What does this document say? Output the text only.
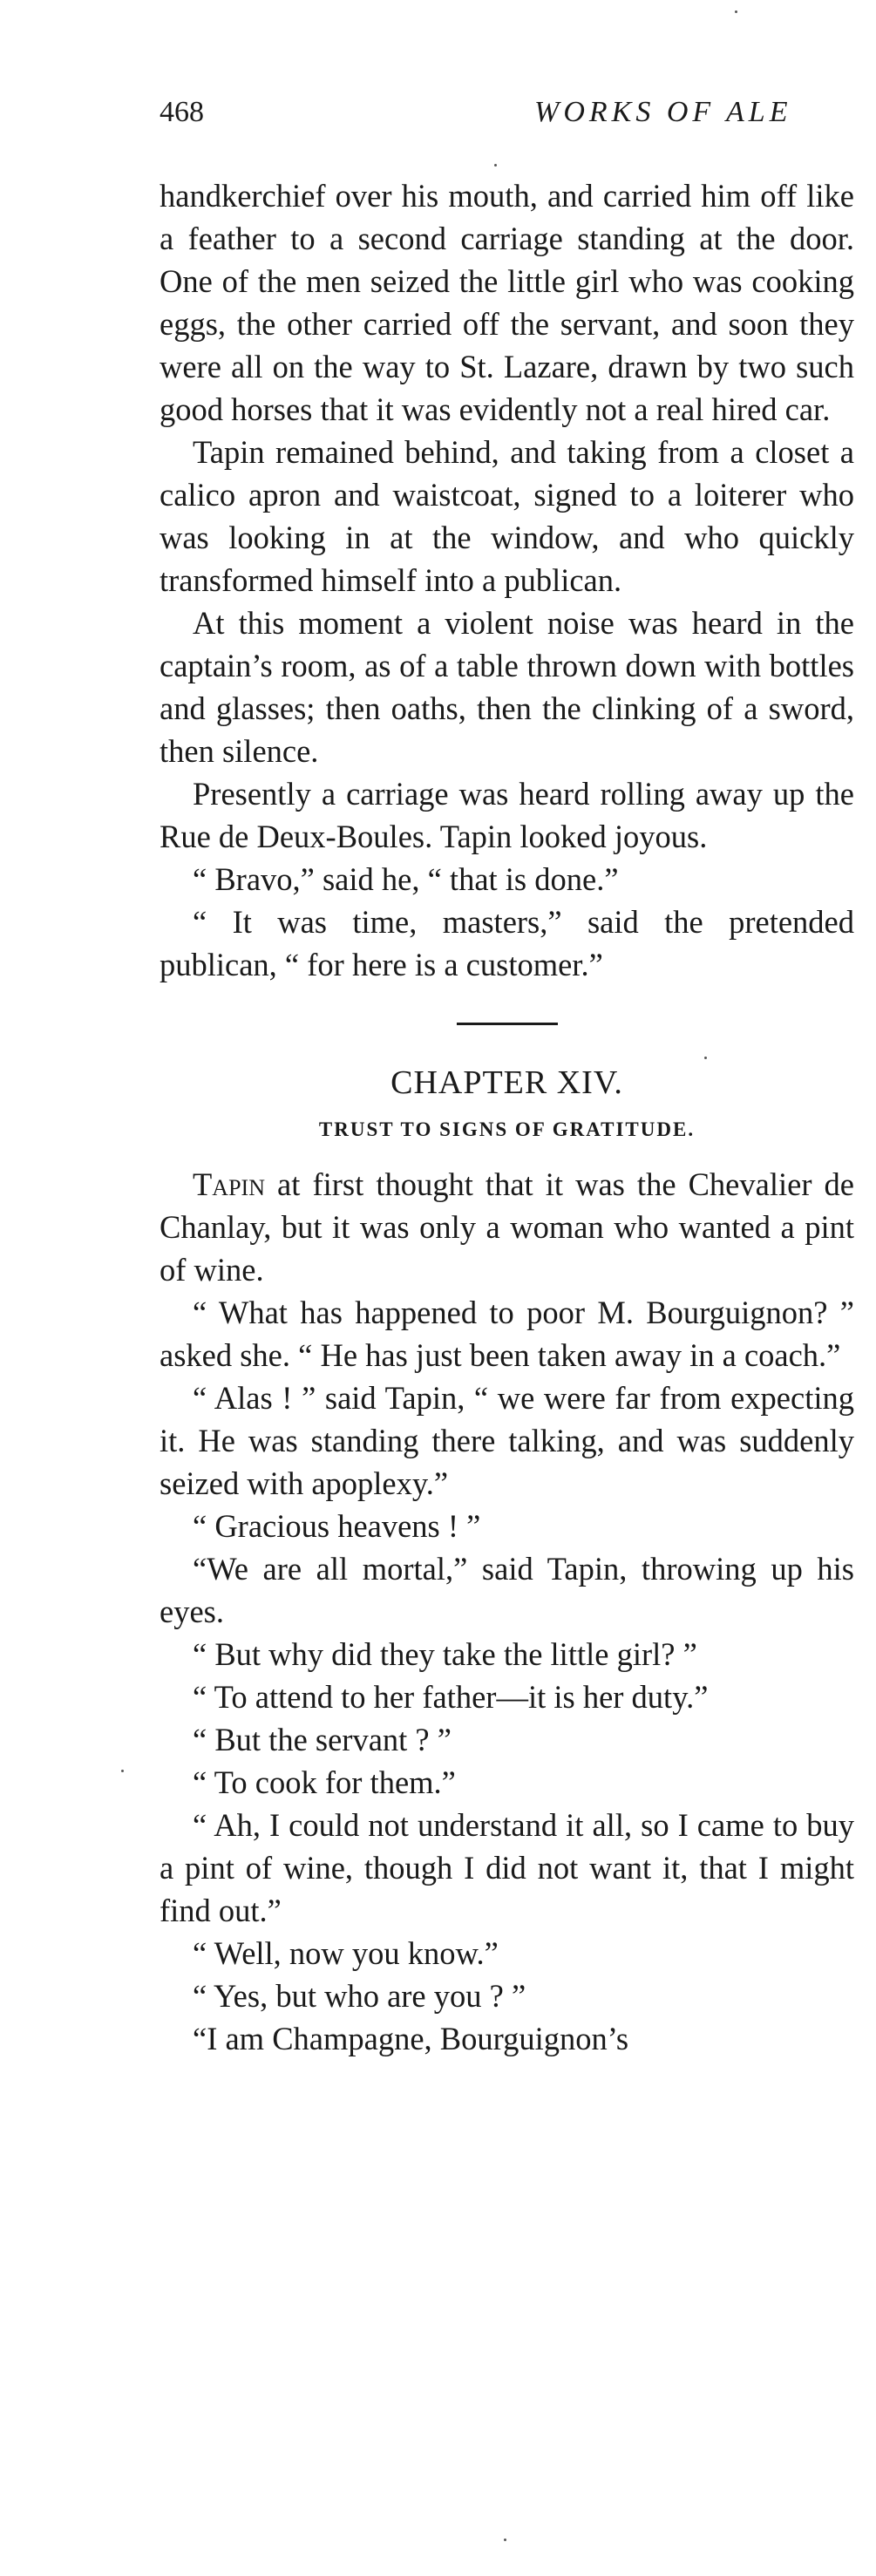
468	WORKS OF ALE

handkerchief over his mouth, and carried him off like a feather to a second carriage standing at the door. One of the men seized the little girl who was cooking eggs, the other carried off the servant, and soon they were all on the way to St. Lazare, drawn by two such good horses that it was evidently not a real hired car.

Tapin remained behind, and taking from a closet a calico apron and waistcoat, signed to a loiterer who was looking in at the window, and who quickly transformed himself into a publican.

At this moment a violent noise was heard in the captain’s room, as of a table thrown down with bottles and glasses; then oaths, then the clinking of a sword, then silence.

Presently a carriage was heard rolling away up the Rue de Deux-Boules. Tapin looked joyous.

“ Bravo,” said he, “ that is done.”

“ It was time, masters,” said the pretended publican, “ for here is a customer.”

CHAPTER XIV.
TRUST TO SIGNS OF GRATITUDE.

Tapin at first thought that it was the Chevalier de Chanlay, but it was only a woman who wanted a pint of wine.

“ What has happened to poor M. Bourguignon? ” asked she. “ He has just been taken away in a coach.”

“ Alas ! ” said Tapin, “ we were far from expecting it. He was standing there talking, and was suddenly seized with apoplexy.”

“ Gracious heavens ! ”

“We are all mortal,” said Tapin, throwing up his eyes.

“ But why did they take the little girl? ”

“ To attend to her father—it is her duty.”

“ But the servant ? ”

“ To cook for them.”

“ Ah, I could not understand it all, so I came to buy a pint of wine, though I did not want it, that I might find out.”

“ Well, now you know.”

“ Yes, but who are you ? ”

“I am Champagne, Bourguignon’s
